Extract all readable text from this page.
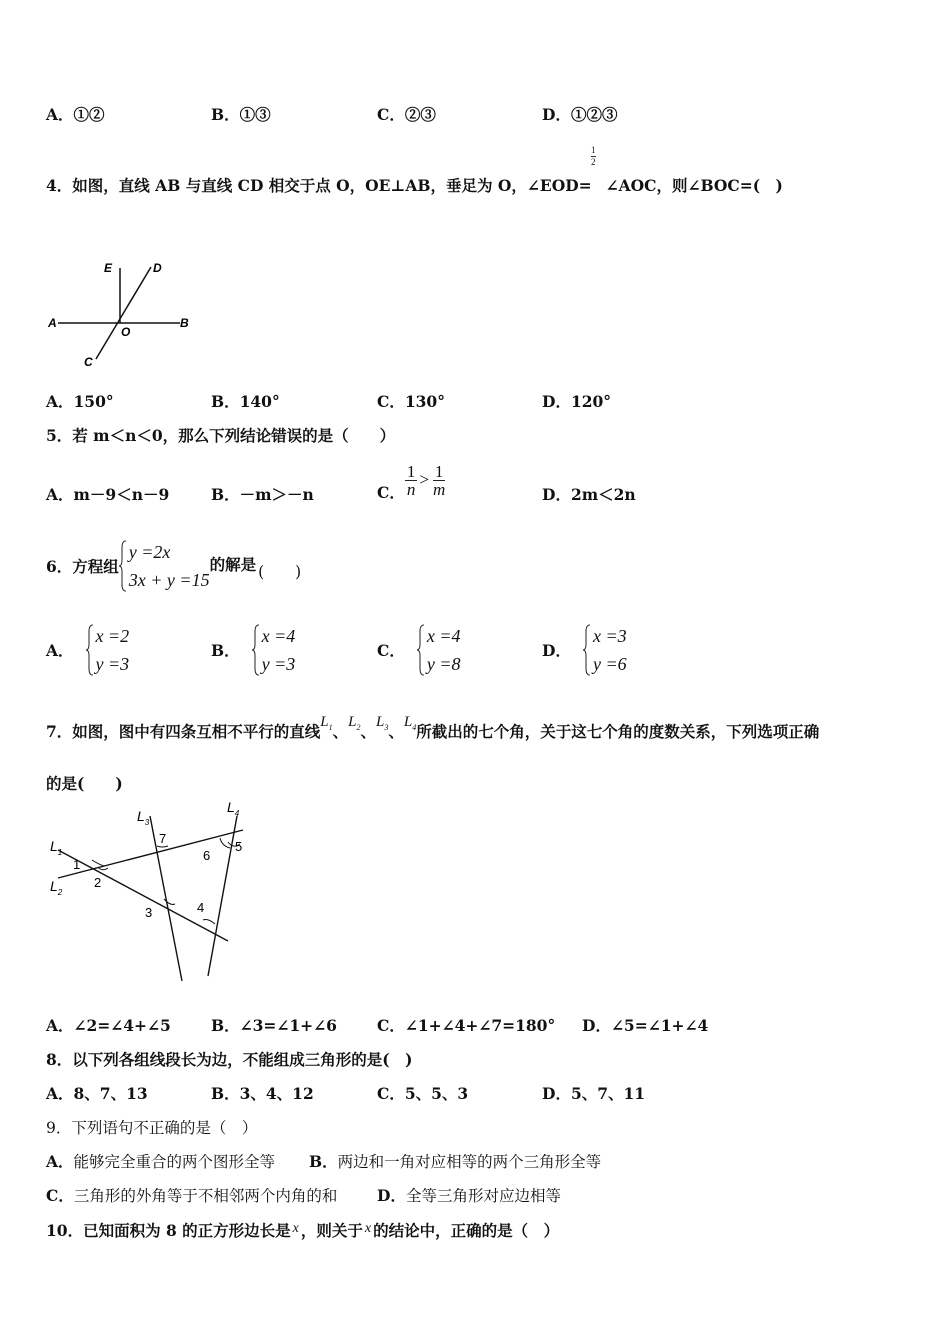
A．①②	B．①③	C．②③	D．①②③
4．如图，直线 AB 与直线 CD 相交于点 O，OE⊥AB，垂足为 O，∠EOD= ∠AOC，则∠BOC=(　)
$\frac{1}{2}$
E	D
A
O
B
C
A．150°	B．140°	C．130°	D．120°
5．若 m＜n＜0，那么下列结论错误的是（　　）
A．m－9＜n－9	B．－m＞－n	C． $\frac{1}{n} > \frac{1}{m}$	D．2m＜2n
6．方程组
y =2x
3x + y =15
的解是 (　　)
A．
x =2
y =3
B．
x =4
y =3
C．
x =4
y =8
D．
x =3
y =6
7．如图，图中有四条互相不平行的直线 $L_1$ 、 $L_2$ 、 $L_3$ 、 $L_4$ 所截出的七个角，关于这七个角的度数关系，下列选项正确
的是(　　)
$L_1$
$L_2$
$L_3$
$L_4$
1
2
3	4
5
6
7
A．∠2=∠4+∠5	B．∠3=∠1+∠6	C．∠1+∠4+∠7=180° D．∠5=∠1+∠4
8．以下列各组线段长为边，不能组成三角形的是(　)
A．8、7、13	B．3、4、12	C．5、5、3	D．5、7、11
9．下列语句不正确的是（　）
A．能够完全重合的两个图形全等 B．两边和一角对应相等的两个三角形全等
C．三角形的外角等于不相邻两个内角的和	D．全等三角形对应边相等
10．已知面积为 8 的正方形边长是 x ，则关于 x 的结论中，正确的是（　）
